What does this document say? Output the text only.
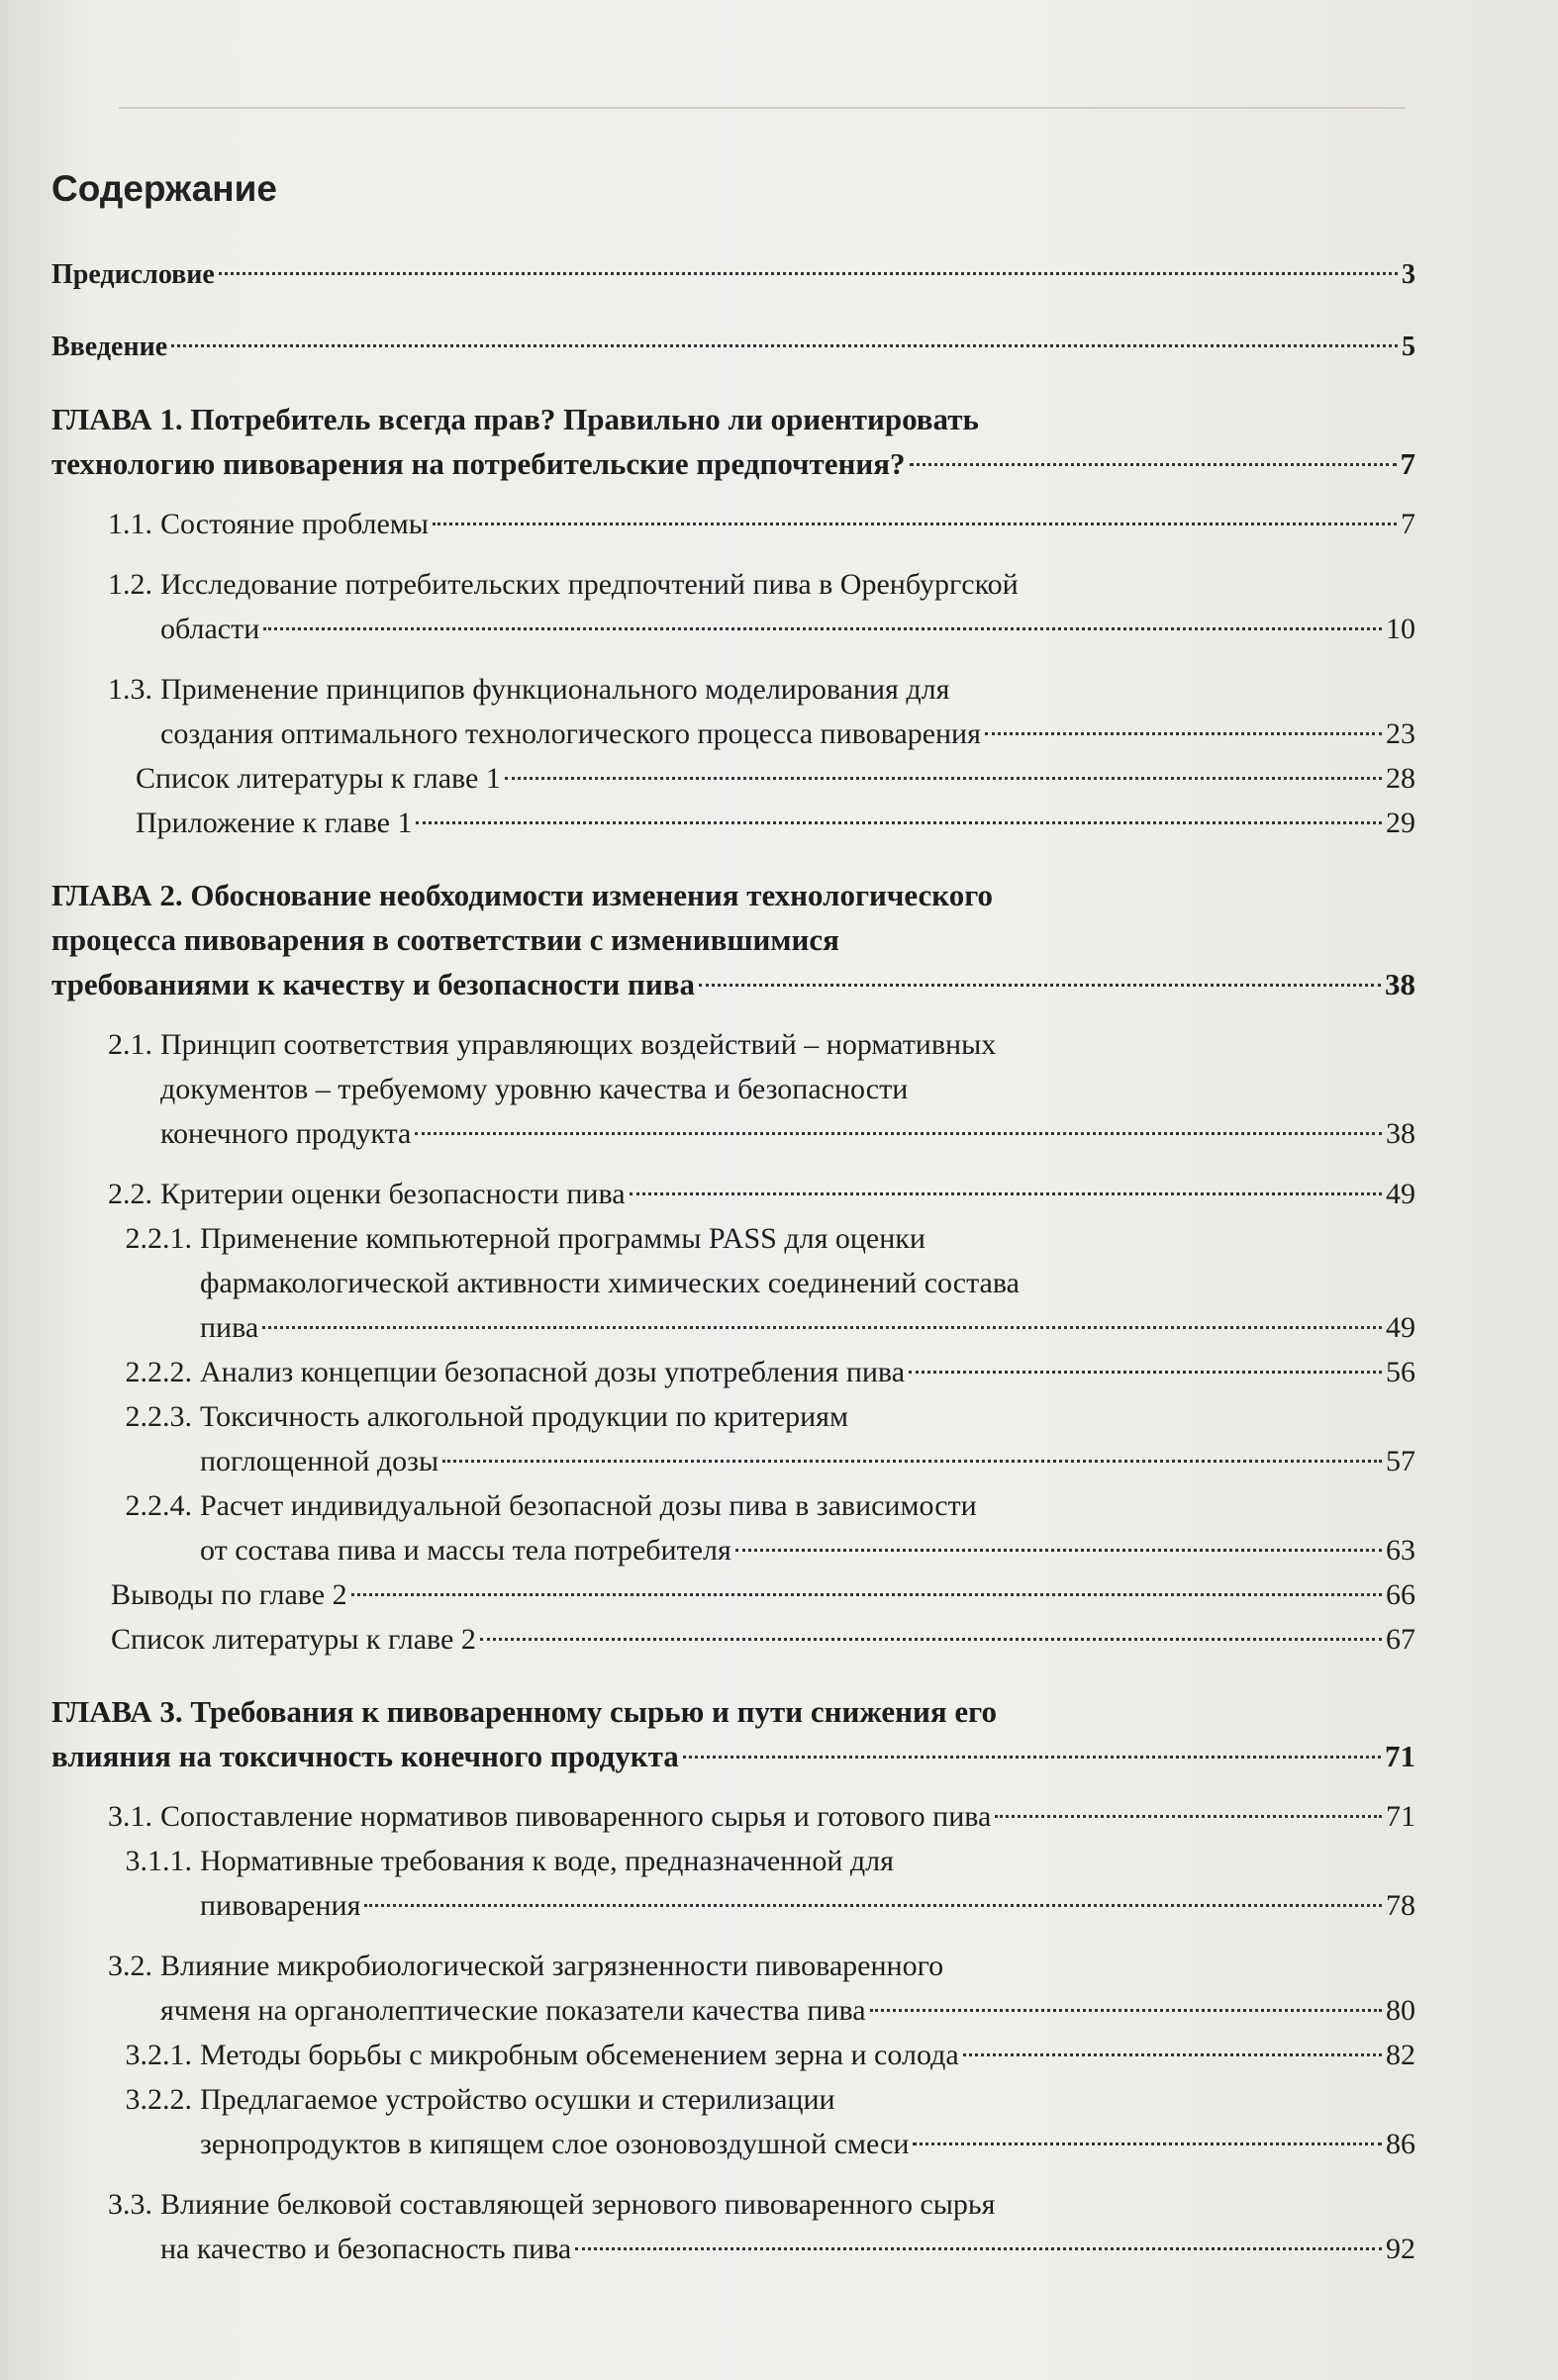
Содержание
Предисловие	3
Введение	5
ГЛАВА 1. Потребитель всегда прав? Правильно ли ориентировать
технологию пивоварения на потребительские предпочтения?	7
1.1. Состояние проблемы	7
1.2. Исследование потребительских предпочтений пива в Оренбургской
области	10
1.3. Применение принципов функционального моделирования для
создания оптимального технологического процесса пивоварения	23
Список литературы к главе 1	28
Приложение к главе 1	29
ГЛАВА 2. Обоснование необходимости изменения технологического
процесса пивоварения в соответствии с изменившимися
требованиями к качеству и безопасности пива	38
2.1. Принцип соответствия управляющих воздействий – нормативных
документов – требуемому уровню качества и безопасности
конечного продукта	38
2.2. Критерии оценки безопасности пива	49
2.2.1. Применение компьютерной программы PASS для оценки
фармакологической активности химических соединений состава
пива	49
2.2.2. Анализ концепции безопасной дозы употребления пива	56
2.2.3. Токсичность алкогольной продукции по критериям
поглощенной дозы	57
2.2.4. Расчет индивидуальной безопасной дозы пива в зависимости
от состава пива и массы тела потребителя	63
Выводы по главе 2	66
Список литературы к главе 2	67
ГЛАВА 3. Требования к пивоваренному сырью и пути снижения его
влияния на токсичность конечного продукта	71
3.1. Сопоставление нормативов пивоваренного сырья и готового пива	71
3.1.1. Нормативные требования к воде, предназначенной для
пивоварения	78
3.2. Влияние микробиологической загрязненности пивоваренного
ячменя на органолептические показатели качества пива	80
3.2.1. Методы борьбы с микробным обсеменением зерна и солода	82
3.2.2. Предлагаемое устройство осушки и стерилизации
зернопродуктов в кипящем слое озоновоздушной смеси	86
3.3. Влияние белковой составляющей зернового пивоваренного сырья
на качество и безопасность пива	92
